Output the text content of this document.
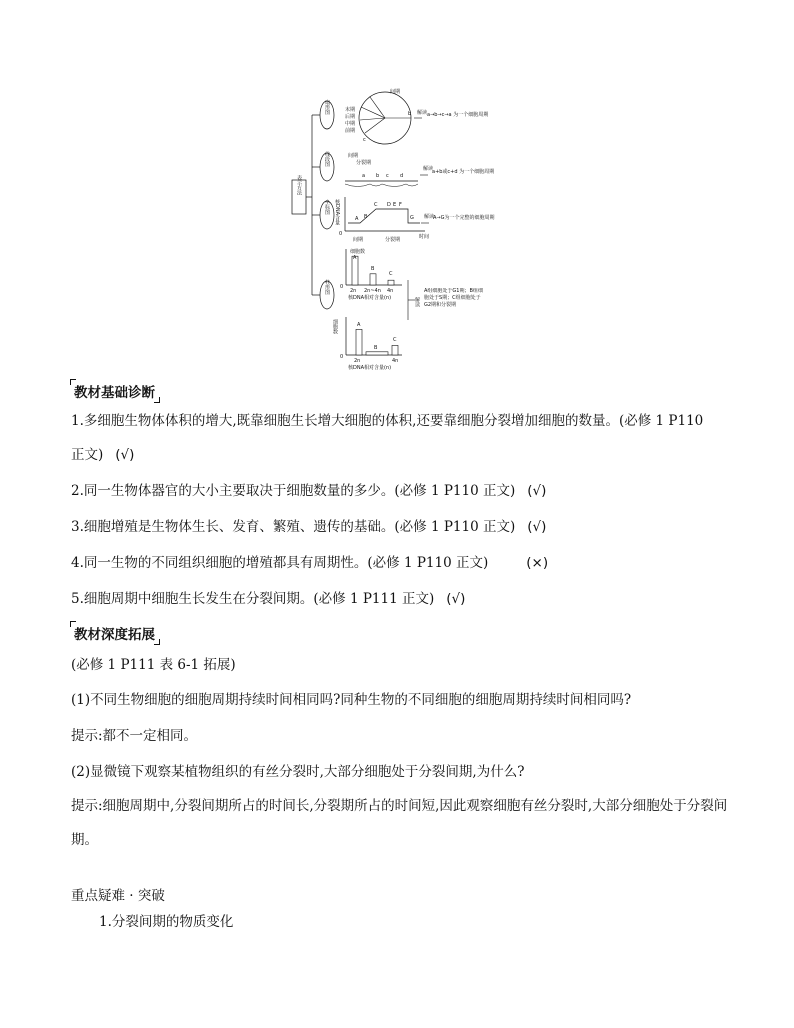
表示方法
扇形图
线段图
坐标图
柱形图
间期
末期
后期
中期
前期
c
b 解读 a→b→c→a 为一个细胞周期
间期
分裂期
a b c d
解读
a+b或c+d 为一个细胞周期
核DNA含量
0	时间
A B
C D E F
G
间期	分裂期
解读
A→G为一个完整的细胞周期
细胞数
0
A
B
C
2n 2n~4n 4n
核DNA相对含量(n)
细胞数
0
A
B
C
2n	4n
核DNA相对含量(n)
解读
A组细胞处于G1期；B组细胞处于S期；C组细胞处于G2期和分裂期
教材基础诊断
1.多细胞生物体体积的增大,既靠细胞生长增大细胞的体积,还要靠细胞分裂增加细胞的数量。(必修 1 P110
正文) (√)
2.同一生物体器官的大小主要取决于细胞数量的多少。(必修 1 P110 正文) (√)
3.细胞增殖是生物体生长、发育、繁殖、遗传的基础。(必修 1 P110 正文) (√)
4.同一生物的不同组织细胞的增殖都具有周期性。(必修 1 P110 正文)	(×)
5.细胞周期中细胞生长发生在分裂间期。(必修 1 P111 正文) (√)
教材深度拓展
(必修 1 P111 表 6-1 拓展)
(1)不同生物细胞的细胞周期持续时间相同吗?同种生物的不同细胞的细胞周期持续时间相同吗?
提示:都不一定相同。
(2)显微镜下观察某植物组织的有丝分裂时,大部分细胞处于分裂间期,为什么?
提示:细胞周期中,分裂间期所占的时间长,分裂期所占的时间短,因此观察细胞有丝分裂时,大部分细胞处于分裂间期。
重点疑难 · 突破
1.分裂间期的物质变化
